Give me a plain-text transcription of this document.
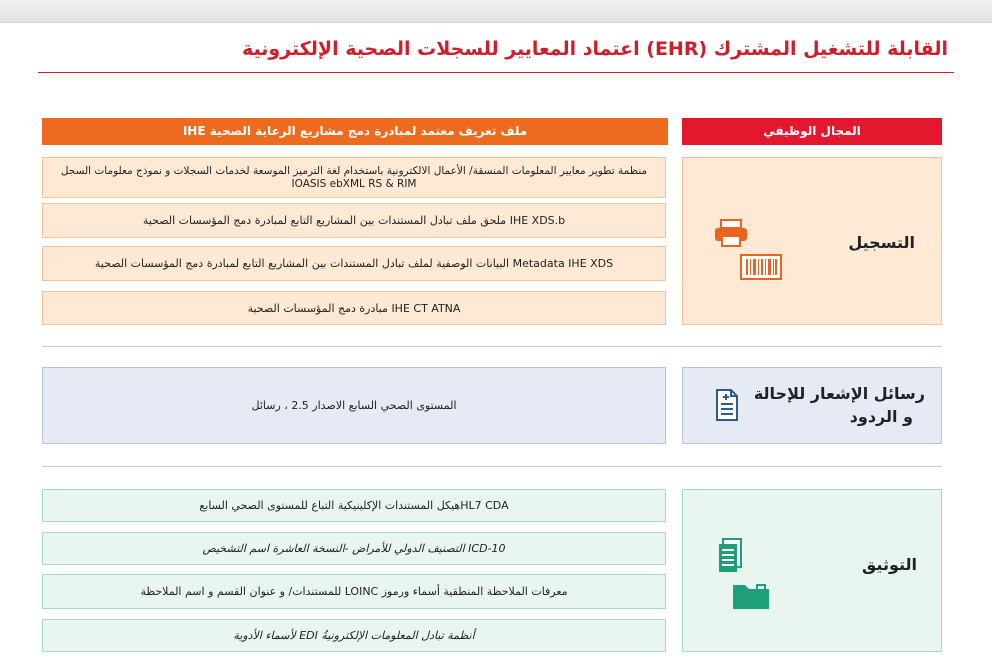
القابلة للتشغيل المشترك (EHR) اعتماد المعايير للسجلات الصحية الإلكترونية
ملف تعريف معتمد لمبادرة دمج مشاريع الرعاية الصحية IHE	المجال الوظيفي
منظمة تطوير معايير المعلومات المنسقة/ الأعمال الالكترونية باستخدام لغة الترميز الموسعة لخدمات السجلات و نموذج معلومات السجل IOASIS ebXML RS & RIM
IHE XDS.b ملحق ملف تبادل المستندات بين المشاريع التابع لمبادرة دمج المؤسسات الصحية
Metadata IHE XDS البيانات الوصفية لملف تبادل المستندات بين المشاريع التابع لمبادرة دمج المؤسسات الصحية
IHE CT ATNA مبادرة دمج المؤسسات الصحية
التسجيل
المستوى الصحي السابع الاصدار 2.5 ، رسائل
رسائل الإشعار للإحالة
و الردود
HL7 CDAهيكل المستندات الإكلينيكية التباع للمستوى الصحي السابع
ICD-10 التصنيف الدولي للأمراض -النسخة العاشرة اسم التشخيص
معرفات الملاحظة المنطقية أسماء ورموز LOINC للمستندات/ و عنوان القسم و اسم الملاحظة
أنظمة تبادل المعلومات الإلكترونيةُ EDI لأسماء الأدوية
التوثيق
